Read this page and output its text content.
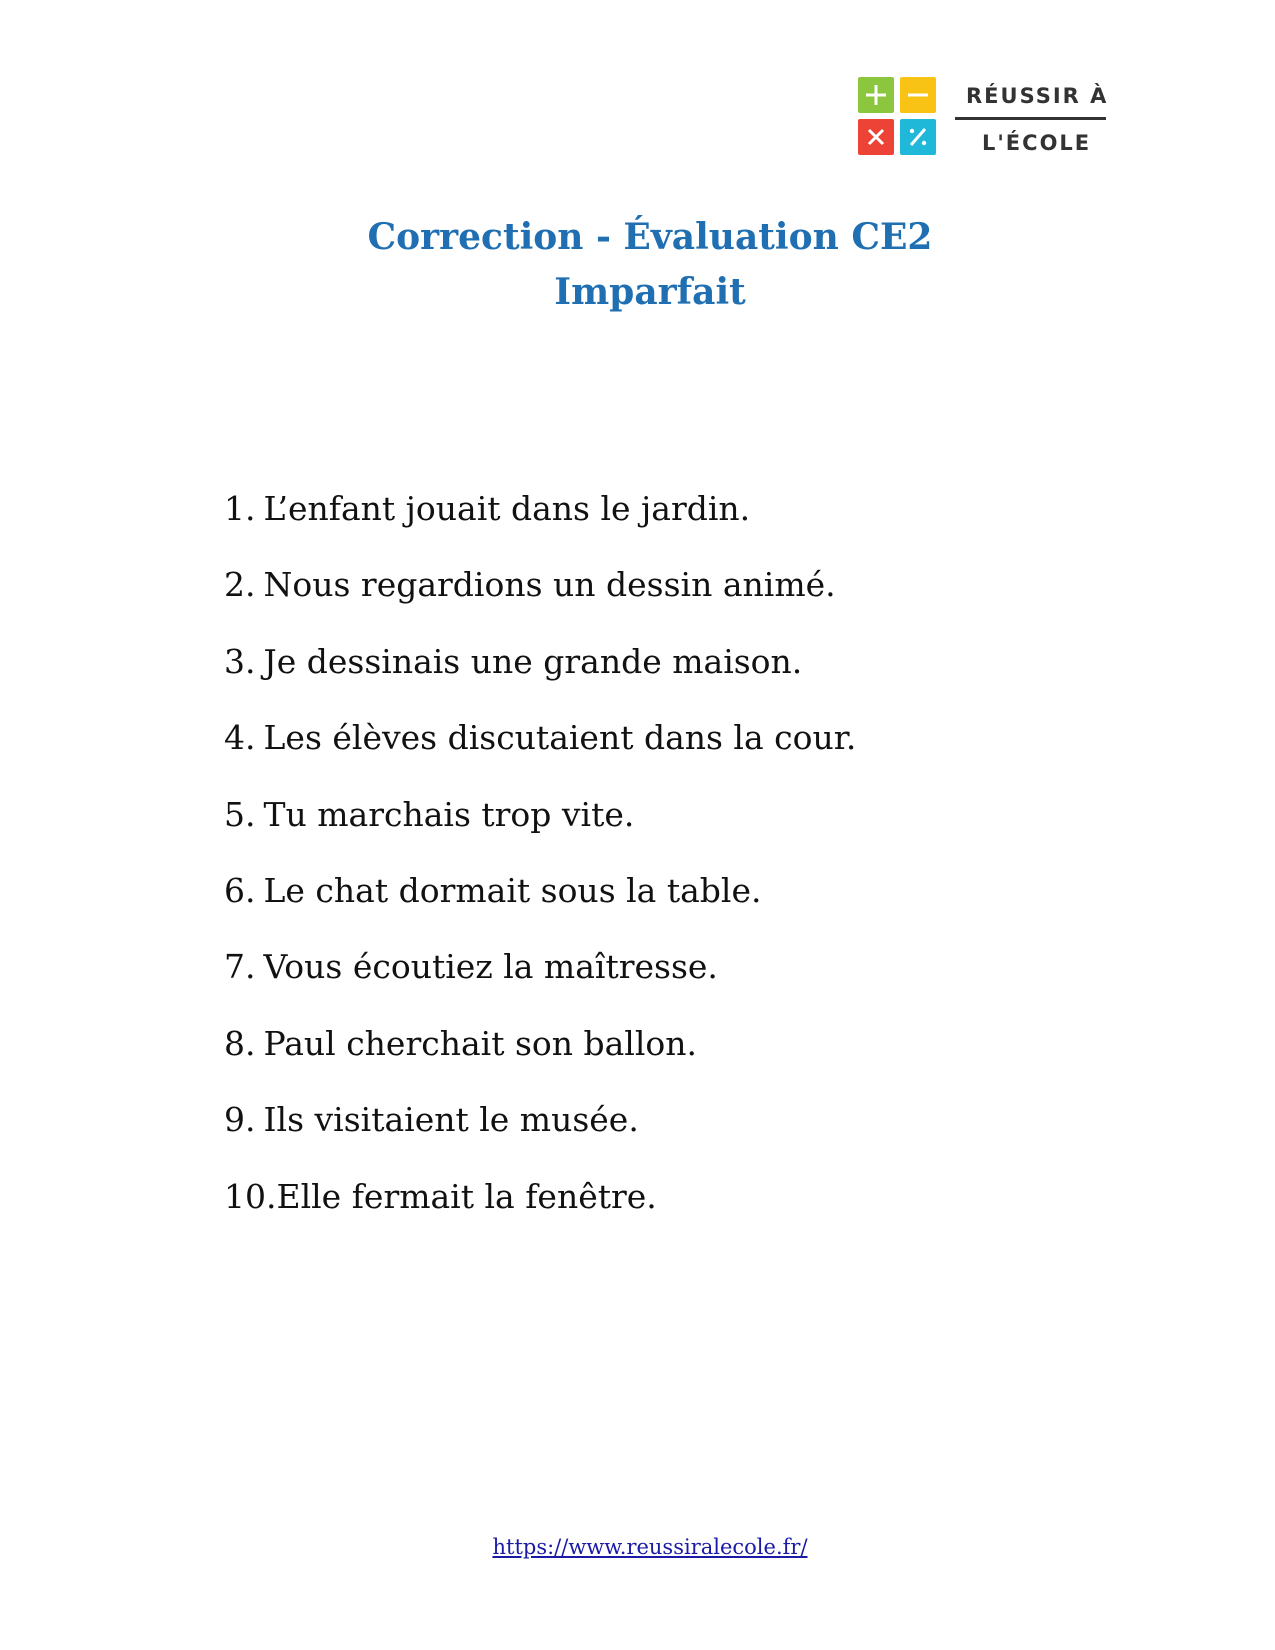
RÉUSSIR À
L'ÉCOLE
Correction - Évaluation CE2
Imparfait
1. L’enfant jouait dans le jardin.
2. Nous regardions un dessin animé.
3. Je dessinais une grande maison.
4. Les élèves discutaient dans la cour.
5. Tu marchais trop vite.
6. Le chat dormait sous la table.
7. Vous écoutiez la maîtresse.
8. Paul cherchait son ballon.
9. Ils visitaient le musée.
10.Elle fermait la fenêtre.
https://www.reussiralecole.fr/
